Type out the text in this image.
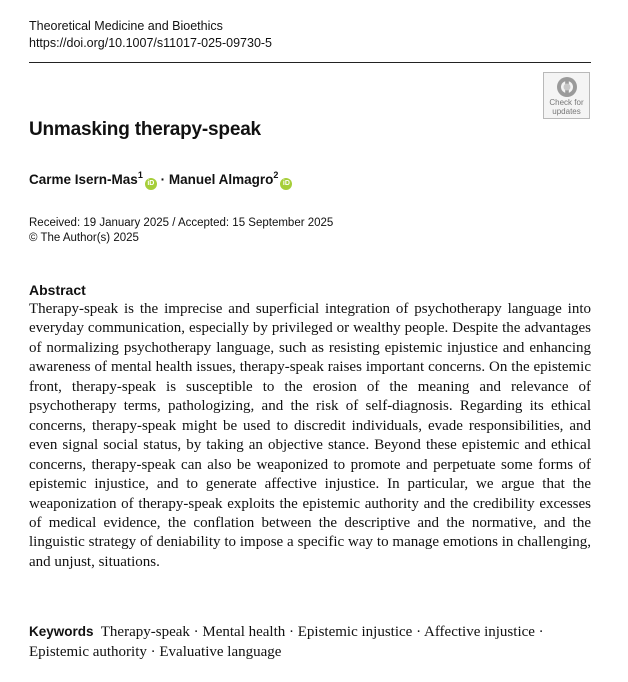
Theoretical Medicine and Bioethics
https://doi.org/10.1007/s11017-025-09730-5
Check for
updates
Unmasking therapy-speak
Carme Isern-Mas$^1$iD · Manuel Almagro$^2$iD
Received: 19 January 2025 / Accepted: 15 September 2025
© The Author(s) 2025
Abstract

Therapy-speak is the imprecise and superficial integration of psychotherapy language into everyday communication, especially by privileged or wealthy people. Despite the advantages of normalizing psychotherapy language, such as resisting epistemic injustice and enhancing awareness of mental health issues, therapy-speak raises important concerns. On the epistemic front, therapy-speak is susceptible to the erosion of the meaning and relevance of psychotherapy terms, pathologizing, and the risk of self-diagnosis. Regarding its ethical concerns, therapy-speak might be used to discredit individuals, evade responsibilities, and even signal social status, by taking an objective stance. Beyond these epistemic and ethical concerns, therapy-speak can also be weaponized to promote and perpetuate some forms of epistemic injustice, and to generate affective injustice. In particular, we argue that the weaponization of therapy-speak exploits the epistemic authority and the credibility excesses of medical evidence, the conflation between the descriptive and the normative, and the linguistic strategy of deniability to impose a specific way to manage emotions in challenging, and unjust, situations.

Keywords Therapy-speak · Mental health · Epistemic injustice · Affective injustice · Epistemic authority · Evaluative language
